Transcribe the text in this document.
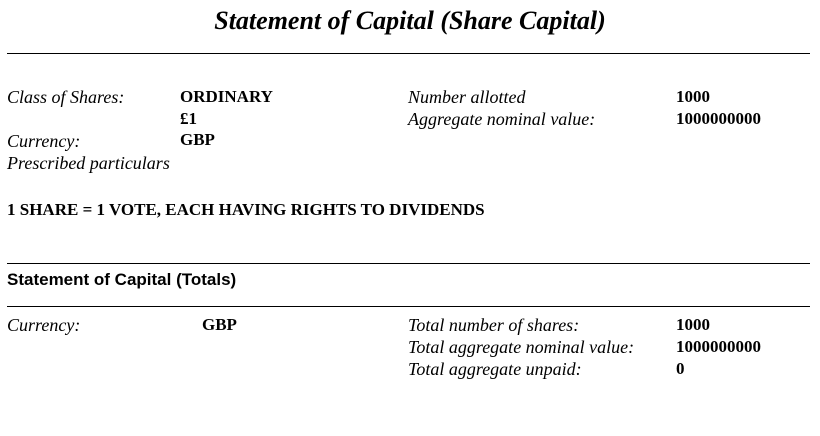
Statement of Capital (Share Capital)
Class of Shares:	ORDINARY
£1
Currency:	GBP
Prescribed particulars
Number allotted	1000
Aggregate nominal value:	1000000000
1 SHARE = 1 VOTE, EACH HAVING RIGHTS TO DIVIDENDS
Statement of Capital (Totals)
Currency:	GBP	Total number of shares:	1000
Total aggregate nominal value: 1000000000
Total aggregate unpaid:	0
